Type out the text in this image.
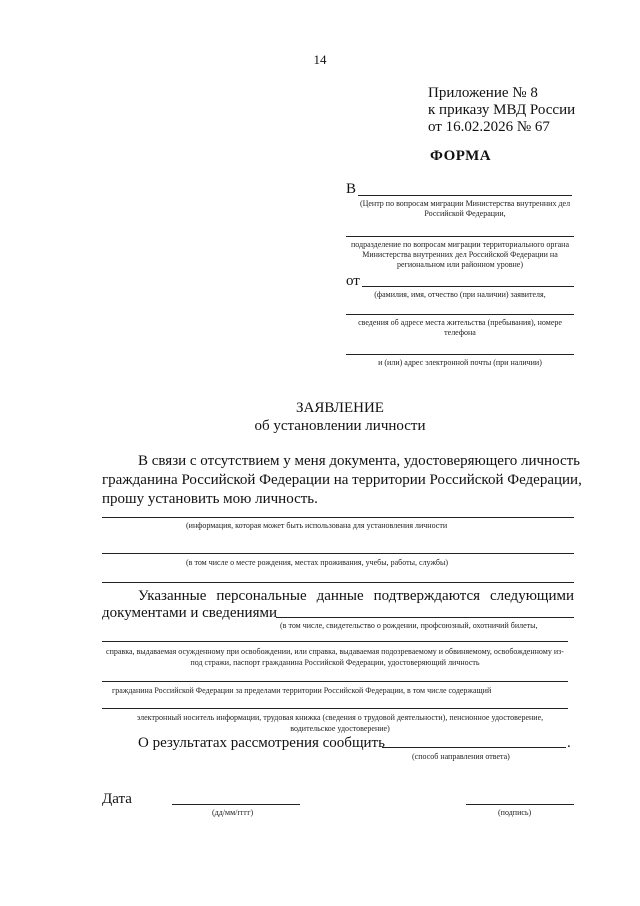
14
Приложение № 8
к приказу МВД России
от 16.02.2026 № 67
ФОРМА
В
(Центр по вопросам миграции Министерства внутренних дел Российской Федерации,
подразделение по вопросам миграции территориального органа Министерства внутренних дел Российской Федерации на региональном или районном уровне)
от
(фамилия, имя, отчество (при наличии) заявителя,
сведения об адресе места жительства (пребывания), номере телефона
и (или) адрес электронной почты (при наличии)
ЗАЯВЛЕНИЕ
об установлении личности
В связи с отсутствием у меня документа, удостоверяющего личность
гражданина Российской Федерации на территории Российской Федерации,
прошу установить мою личность.
(информация, которая может быть использована для установления личности
(в том числе о месте рождения, местах проживания, учебы, работы, службы)
Указанные персональные данные подтверждаются следующими
документами и сведениями
(в том числе, свидетельство о рождении, профсоюзный, охотничий билеты,
справка, выдаваемая осужденному при освобождении, или справка, выдаваемая подозреваемому и обвиняемому, освобожденному из-под стражи, паспорт гражданина Российской Федерации, удостоверяющий личность
гражданина Российской Федерации за пределами территории Российской Федерации, в том числе содержащий
электронный носитель информации, трудовая книжка (сведения о трудовой деятельности), пенсионное удостоверение, водительское удостоверение)
О результатах рассмотрения сообщить	.
(способ направления ответа)
Дата
(дд/мм/гггг)	(подпись)
